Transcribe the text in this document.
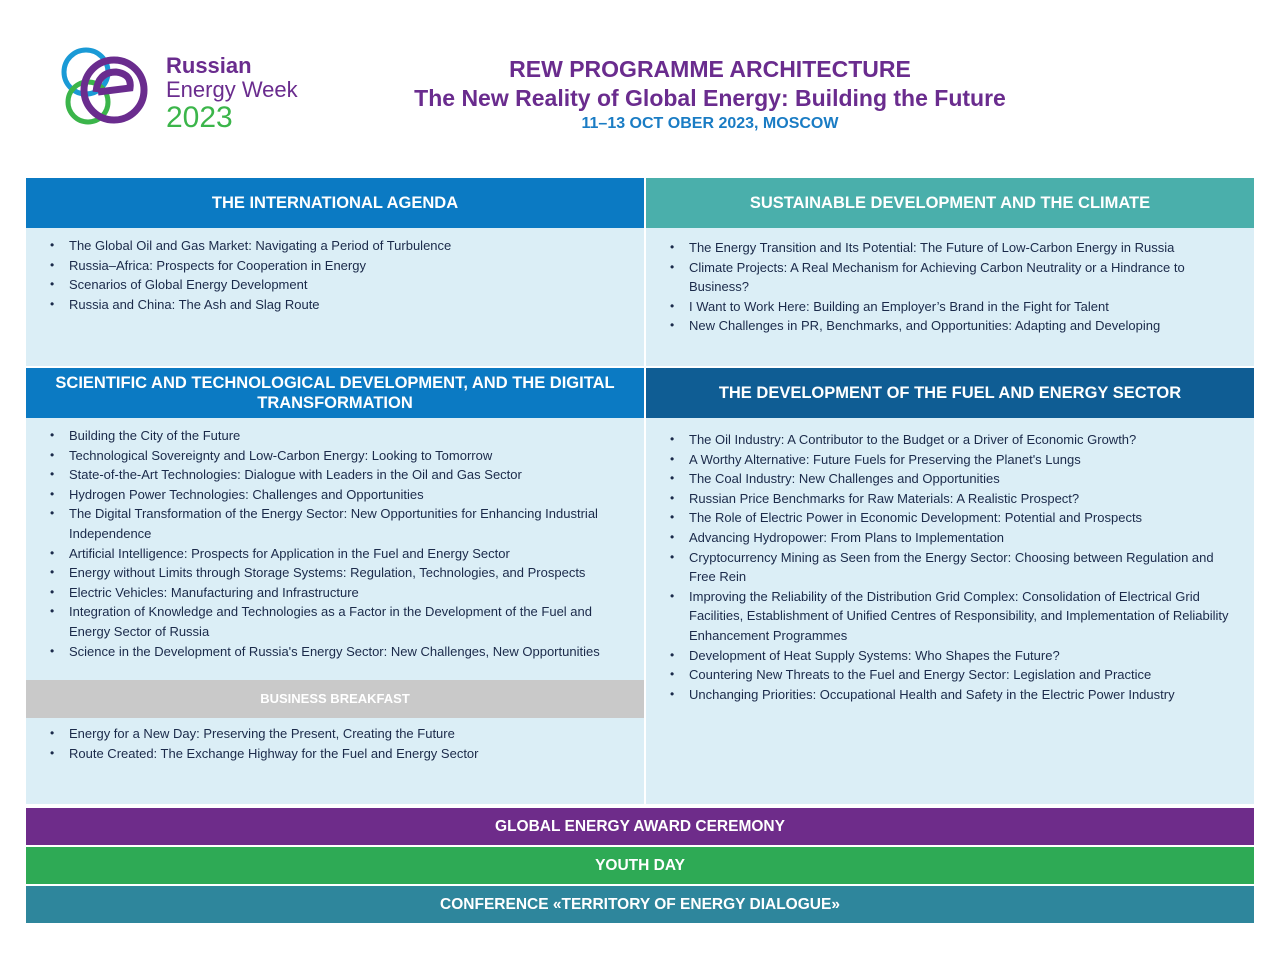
Russian
Energy Week
2023
REW PROGRAMME ARCHITECTURE
The New Reality of Global Energy: Building the Future
11–13 OCT OBER 2023, MOSCOW
THE INTERNATIONAL AGENDA
• The Global Oil and Gas Market: Navigating a Period of Turbulence
• Russia–Africa: Prospects for Cooperation in Energy
• Scenarios of Global Energy Development
• Russia and China: The Ash and Slag Route
SCIENTIFIC AND TECHNOLOGICAL DEVELOPMENT, AND THE DIGITAL TRANSFORMATION
• Building the City of the Future
• Technological Sovereignty and Low-Carbon Energy: Looking to Tomorrow
• State-of-the-Art Technologies: Dialogue with Leaders in the Oil and Gas Sector
• Hydrogen Power Technologies: Challenges and Opportunities
• The Digital Transformation of the Energy Sector: New Opportunities for Enhancing Industrial Independence
• Artificial Intelligence: Prospects for Application in the Fuel and Energy Sector
• Energy without Limits through Storage Systems: Regulation, Technologies, and Prospects
• Electric Vehicles: Manufacturing and Infrastructure
• Integration of Knowledge and Technologies as a Factor in the Development of the Fuel and Energy Sector of Russia
• Science in the Development of Russia's Energy Sector: New Challenges, New Opportunities
BUSINESS BREAKFAST
• Energy for a New Day: Preserving the Present, Creating the Future
• Route Created: The Exchange Highway for the Fuel and Energy Sector
SUSTAINABLE DEVELOPMENT AND THE CLIMATE
• The Energy Transition and Its Potential: The Future of Low-Carbon Energy in Russia
• Climate Projects: A Real Mechanism for Achieving Carbon Neutrality or a Hindrance to Business?
• I Want to Work Here: Building an Employer’s Brand in the Fight for Talent
• New Challenges in PR, Benchmarks, and Opportunities: Adapting and Developing
THE DEVELOPMENT OF THE FUEL AND ENERGY SECTOR
• The Oil Industry: A Contributor to the Budget or a Driver of Economic Growth?
• A Worthy Alternative: Future Fuels for Preserving the Planet's Lungs
• The Coal Industry: New Challenges and Opportunities
• Russian Price Benchmarks for Raw Materials: A Realistic Prospect?
• The Role of Electric Power in Economic Development: Potential and Prospects
• Advancing Hydropower: From Plans to Implementation
• Cryptocurrency Mining as Seen from the Energy Sector: Choosing between Regulation and Free Rein
• Improving the Reliability of the Distribution Grid Complex: Consolidation of Electrical Grid Facilities, Establishment of Unified Centres of Responsibility, and Implementation of Reliability Enhancement Programmes
• Development of Heat Supply Systems: Who Shapes the Future?
• Countering New Threats to the Fuel and Energy Sector: Legislation and Practice
• Unchanging Priorities: Occupational Health and Safety in the Electric Power Industry
GLOBAL ENERGY AWARD CEREMONY
YOUTH DAY
CONFERENCE «TERRITORY OF ENERGY DIALOGUE»
